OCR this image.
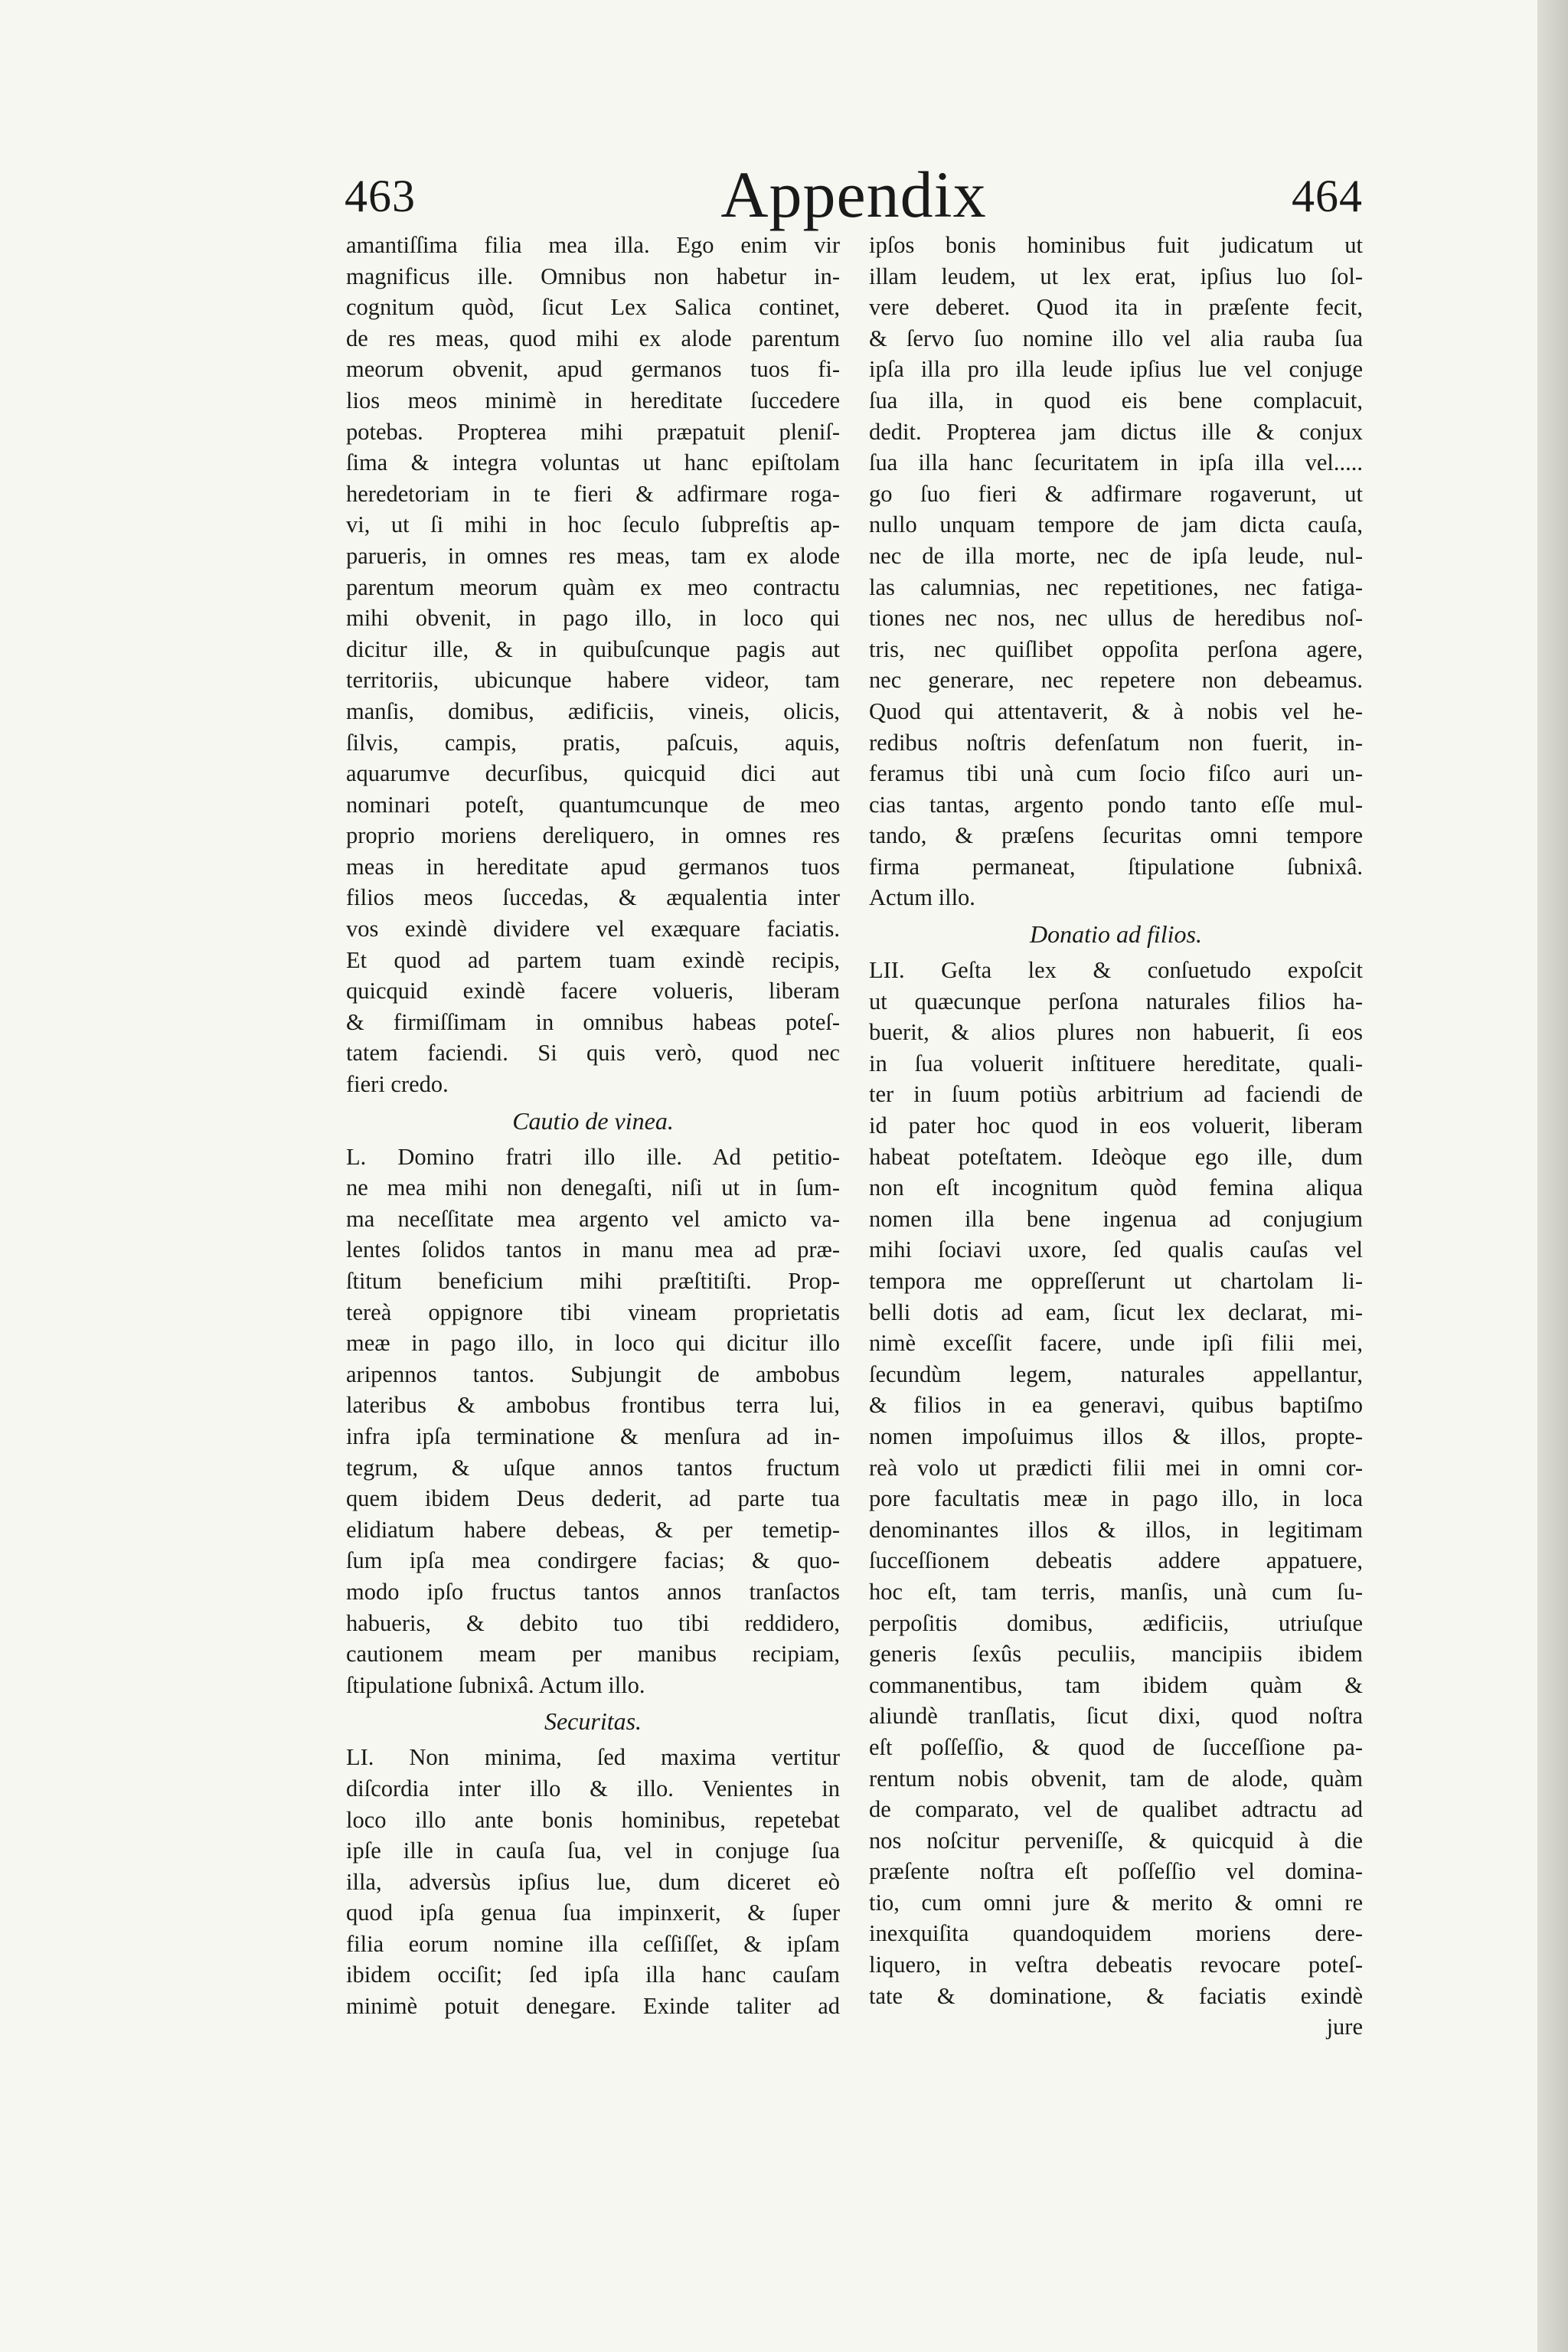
463	Appendix	464
amantiſſima filia mea illa. Ego enim vir
magnificus ille. Omnibus non habetur in-
cognitum quòd, ſicut Lex Salica continet,
de res meas, quod mihi ex alode parentum
meorum obvenit, apud germanos tuos fi-
lios meos minimè in hereditate ſuccedere
potebas. Propterea mihi præpatuit pleniſ-
ſima & integra voluntas ut hanc epiſtolam
heredetoriam in te fieri & adfirmare roga-
vi, ut ſi mihi in hoc ſeculo ſubpreſtis ap-
parueris, in omnes res meas, tam ex alode
parentum meorum quàm ex meo contractu
mihi obvenit, in pago illo, in loco qui
dicitur ille, & in quibuſcunque pagis aut
territoriis, ubicunque habere videor, tam
manſis, domibus, ædificiis, vineis, olicis,
ſilvis, campis, pratis, paſcuis, aquis,
aquarumve decurſibus, quicquid dici aut
nominari poteſt, quantumcunque de meo
proprio moriens dereliquero, in omnes res
meas in hereditate apud germanos tuos
filios meos ſuccedas, & æqualentia inter
vos exindè dividere vel exæquare faciatis.
Et quod ad partem tuam exindè recipis,
quicquid exindè facere volueris, liberam
& firmiſſimam in omnibus habeas poteſ-
tatem faciendi. Si quis verò, quod nec
fieri credo.
Cautio de vinea.
L. Domino fratri illo ille. Ad petitio-
ne mea mihi non denegaſti, niſi ut in ſum-
ma neceſſitate mea argento vel amicto va-
lentes ſolidos tantos in manu mea ad præ-
ſtitum beneficium mihi præſtitiſti. Prop-
tereà oppignore tibi vineam proprietatis
meæ in pago illo, in loco qui dicitur illo
aripennos tantos. Subjungit de ambobus
lateribus & ambobus frontibus terra lui,
infra ipſa terminatione & menſura ad in-
tegrum, & uſque annos tantos fructum
quem ibidem Deus dederit, ad parte tua
elidiatum habere debeas, & per temetip-
ſum ipſa mea condirgere facias; & quo-
modo ipſo fructus tantos annos tranſactos
habueris, & debito tuo tibi reddidero,
cautionem meam per manibus recipiam,
ſtipulatione ſubnixâ. Actum illo.
Securitas.
LI. Non minima, ſed maxima vertitur
diſcordia inter illo & illo. Venientes in
loco illo ante bonis hominibus, repetebat
ipſe ille in cauſa ſua, vel in conjuge ſua
illa, adversùs ipſius lue, dum diceret eò
quod ipſa genua ſua impinxerit, & ſuper
filia eorum nomine illa ceſſiſſet, & ipſam
ibidem occiſit; ſed ipſa illa hanc cauſam
minimè potuit denegare. Exinde taliter ad
ipſos bonis hominibus fuit judicatum ut
illam leudem, ut lex erat, ipſius luo ſol-
vere deberet. Quod ita in præſente fecit,
& ſervo ſuo nomine illo vel alia rauba ſua
ipſa illa pro illa leude ipſius lue vel conjuge
ſua illa, in quod eis bene complacuit,
dedit. Propterea jam dictus ille & conjux
ſua illa hanc ſecuritatem in ipſa illa vel.....
go ſuo fieri & adfirmare rogaverunt, ut
nullo unquam tempore de jam dicta cauſa,
nec de illa morte, nec de ipſa leude, nul-
las calumnias, nec repetitiones, nec fatiga-
tiones nec nos, nec ullus de heredibus noſ-
tris, nec quiſlibet oppoſita perſona agere,
nec generare, nec repetere non debeamus.
Quod qui attentaverit, & à nobis vel he-
redibus noſtris defenſatum non fuerit, in-
feramus tibi unà cum ſocio fiſco auri un-
cias tantas, argento pondo tanto eſſe mul-
tando, & præſens ſecuritas omni tempore
firma permaneat, ſtipulatione ſubnixâ.
Actum illo.
Donatio ad filios.
LII. Geſta lex & conſuetudo expoſcit
ut quæcunque perſona naturales filios ha-
buerit, & alios plures non habuerit, ſi eos
in ſua voluerit inſtituere hereditate, quali-
ter in ſuum potiùs arbitrium ad faciendi de
id pater hoc quod in eos voluerit, liberam
habeat poteſtatem. Ideòque ego ille, dum
non eſt incognitum quòd femina aliqua
nomen illa bene ingenua ad conjugium
mihi ſociavi uxore, ſed qualis cauſas vel
tempora me oppreſſerunt ut chartolam li-
belli dotis ad eam, ſicut lex declarat, mi-
nimè exceſſit facere, unde ipſi filii mei,
ſecundùm legem, naturales appellantur,
& filios in ea generavi, quibus baptiſmo
nomen impoſuimus illos & illos, propte-
reà volo ut prædicti filii mei in omni cor-
pore facultatis meæ in pago illo, in loca
denominantes illos & illos, in legitimam
ſucceſſionem debeatis addere appatuere,
hoc eſt, tam terris, manſis, unà cum ſu-
perpoſitis domibus, ædificiis, utriuſque
generis ſexûs peculiis, mancipiis ibidem
commanentibus, tam ibidem quàm &
aliundè tranſlatis, ſicut dixi, quod noſtra
eſt poſſeſſio, & quod de ſucceſſione pa-
rentum nobis obvenit, tam de alode, quàm
de comparato, vel de qualibet adtractu ad
nos noſcitur perveniſſe, & quicquid à die
præſente noſtra eſt poſſeſſio vel domina-
tio, cum omni jure & merito & omni re
inexquiſita quandoquidem moriens dere-
liquero, in veſtra debeatis revocare poteſ-
tate & dominatione, & faciatis exindè
jure
